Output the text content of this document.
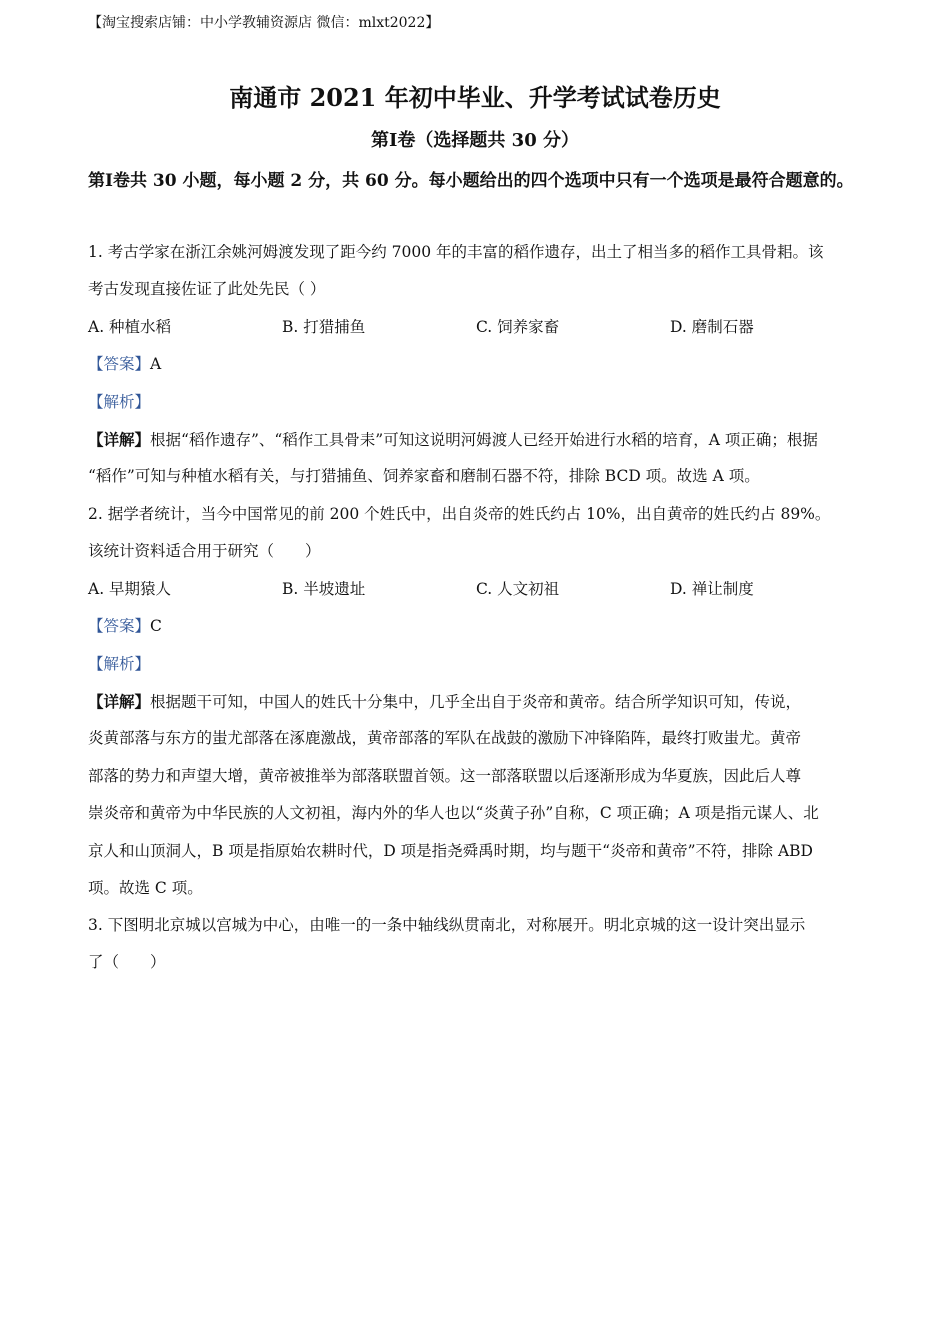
【淘宝搜索店铺：中小学教辅资源店 微信：mlxt2022】
南通市 2021 年初中毕业、升学考试试卷历史
第Ⅰ卷（选择题共 30 分）
第Ⅰ卷共 30 小题，每小题 2 分，共 60 分。每小题给出的四个选项中只有一个选项是最符合题意的。
1. 考古学家在浙江余姚河姆渡发现了距今约 7000 年的丰富的稻作遗存，出土了相当多的稻作工具骨耜。该
考古发现直接佐证了此处先民（ ）
A. 种植水稻	B. 打猎捕鱼	C. 饲养家畜	D. 磨制石器
【答案】A
【解析】
【详解】根据“稻作遗存”、“稻作工具骨耒”可知这说明河姆渡人已经开始进行水稻的培育，A 项正确；根据
“稻作”可知与种植水稻有关，与打猎捕鱼、饲养家畜和磨制石器不符，排除 BCD 项。故选 A 项。
2. 据学者统计，当今中国常见的前 200 个姓氏中，出自炎帝的姓氏约占 10%，出自黄帝的姓氏约占 89%。
该统计资料适合用于研究（　　）
A. 早期猿人	B. 半坡遗址	C. 人文初祖	D. 禅让制度
【答案】C
【解析】
【详解】根据题干可知，中国人的姓氏十分集中，几乎全出自于炎帝和黄帝。结合所学知识可知，传说，
炎黄部落与东方的蚩尤部落在涿鹿激战，黄帝部落的军队在战鼓的激励下冲锋陷阵，最终打败蚩尤。黄帝
部落的势力和声望大增，黄帝被推举为部落联盟首领。这一部落联盟以后逐渐形成为华夏族，因此后人尊
崇炎帝和黄帝为中华民族的人文初祖，海内外的华人也以“炎黄子孙”自称，C 项正确；A 项是指元谋人、北
京人和山顶洞人，B 项是指原始农耕时代，D 项是指尧舜禹时期，均与题干“炎帝和黄帝”不符，排除 ABD
项。故选 C 项。
3. 下图明北京城以宫城为中心，由唯一的一条中轴线纵贯南北，对称展开。明北京城的这一设计突出显示
了（　　）
